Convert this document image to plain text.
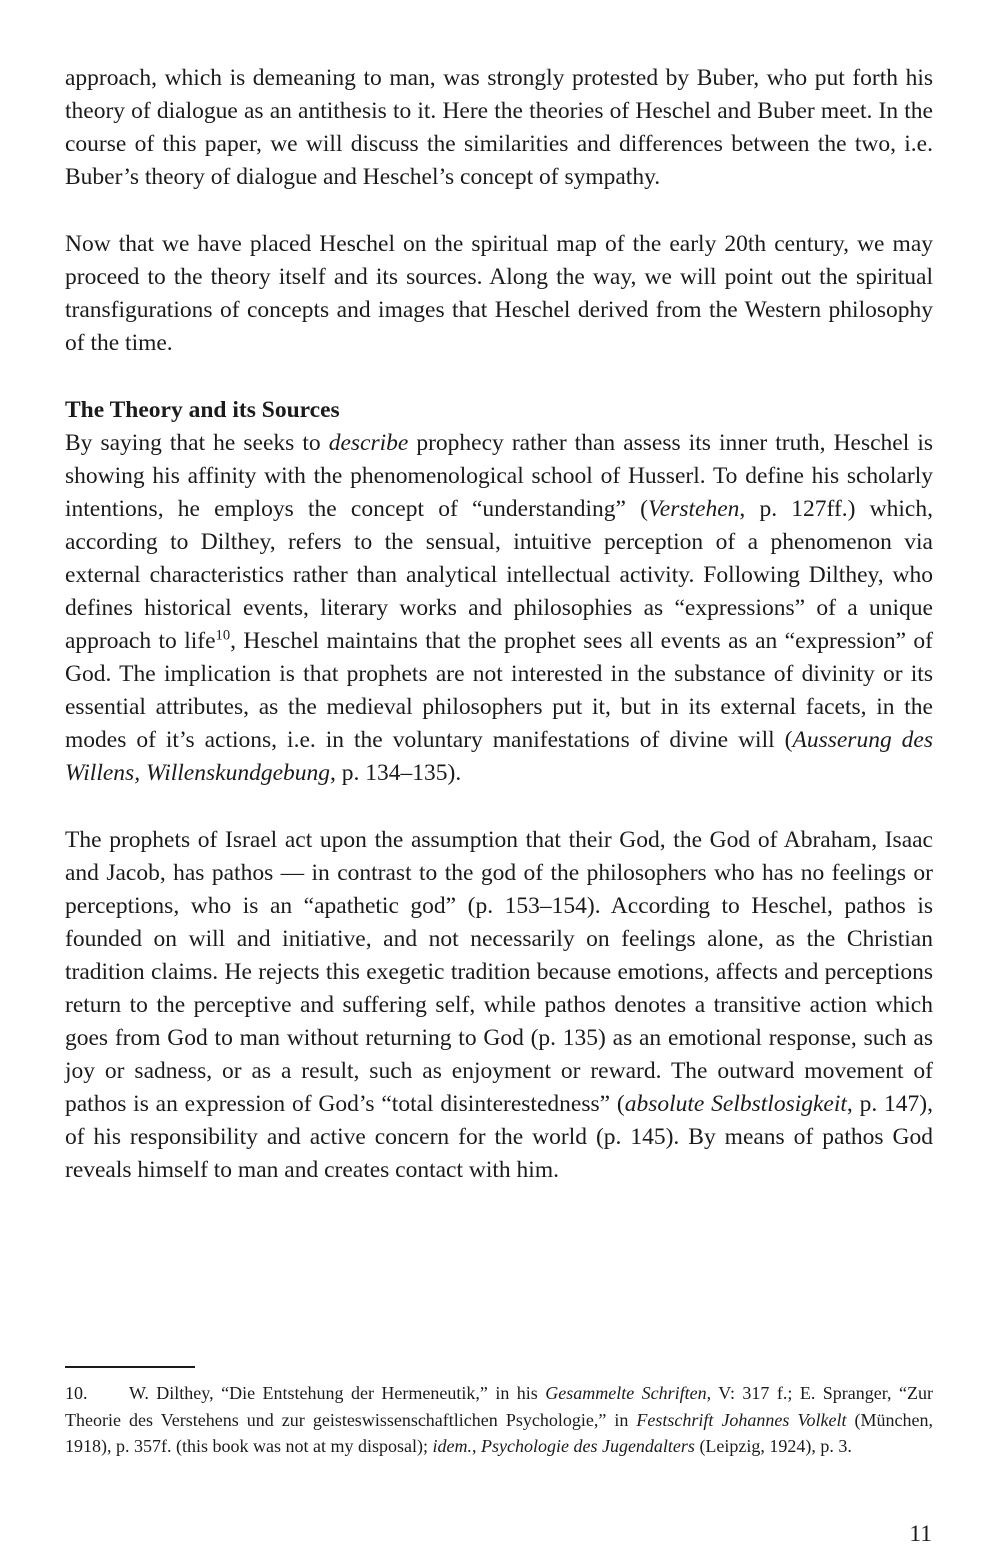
approach, which is demeaning to man, was strongly protested by Buber, who put forth his theory of dialogue as an antithesis to it. Here the theories of Heschel and Buber meet. In the course of this paper, we will discuss the similarities and differences between the two, i.e. Buber’s theory of dialogue and Heschel’s concept of sympathy.

Now that we have placed Heschel on the spiritual map of the early 20th century, we may proceed to the theory itself and its sources. Along the way, we will point out the spiritual transfigurations of concepts and images that Heschel derived from the Western philosophy of the time.

The Theory and its Sources

By saying that he seeks to describe prophecy rather than assess its inner truth, Heschel is showing his affinity with the phenomenological school of Husserl. To define his scholarly intentions, he employs the concept of “understanding” (Verstehen, p. 127ff.) which, according to Dilthey, refers to the sensual, intuitive perception of a phenomenon via external characteristics rather than analytical intellectual activity. Following Dilthey, who defines historical events, literary works and philosophies as “expressions” of a unique approach to life$^{10}$, Heschel maintains that the prophet sees all events as an “expression” of God. The implication is that prophets are not interested in the substance of divinity or its essential attributes, as the medieval philosophers put it, but in its external facets, in the modes of it’s actions, i.e. in the voluntary manifestations of divine will (Ausserung des Willens, Willenskundgebung, p. 134–135).

The prophets of Israel act upon the assumption that their God, the God of Abraham, Isaac and Jacob, has pathos — in contrast to the god of the philosophers who has no feelings or perceptions, who is an “apathetic god” (p. 153–154). According to Heschel, pathos is founded on will and initiative, and not necessarily on feelings alone, as the Christian tradition claims. He rejects this exegetic tradition because emotions, affects and perceptions return to the perceptive and suffering self, while pathos denotes a transitive action which goes from God to man without returning to God (p. 135) as an emotional response, such as joy or sadness, or as a result, such as enjoyment or reward. The outward movement of pathos is an expression of God’s “total disinterestedness” (absolute Selbstlosigkeit, p. 147), of his responsibility and active concern for the world (p. 145). By means of pathos God reveals himself to man and creates contact with him.

10. W. Dilthey, “Die Entstehung der Hermeneutik,” in his Gesammelte Schriften, V: 317 f.; E. Spranger, “Zur Theorie des Verstehens und zur geisteswissenschaftlichen Psychologie,” in Festschrift Johannes Volkelt (München, 1918), p. 357f. (this book was not at my disposal); idem., Psychologie des Jugendalters (Leipzig, 1924), p. 3.
11
